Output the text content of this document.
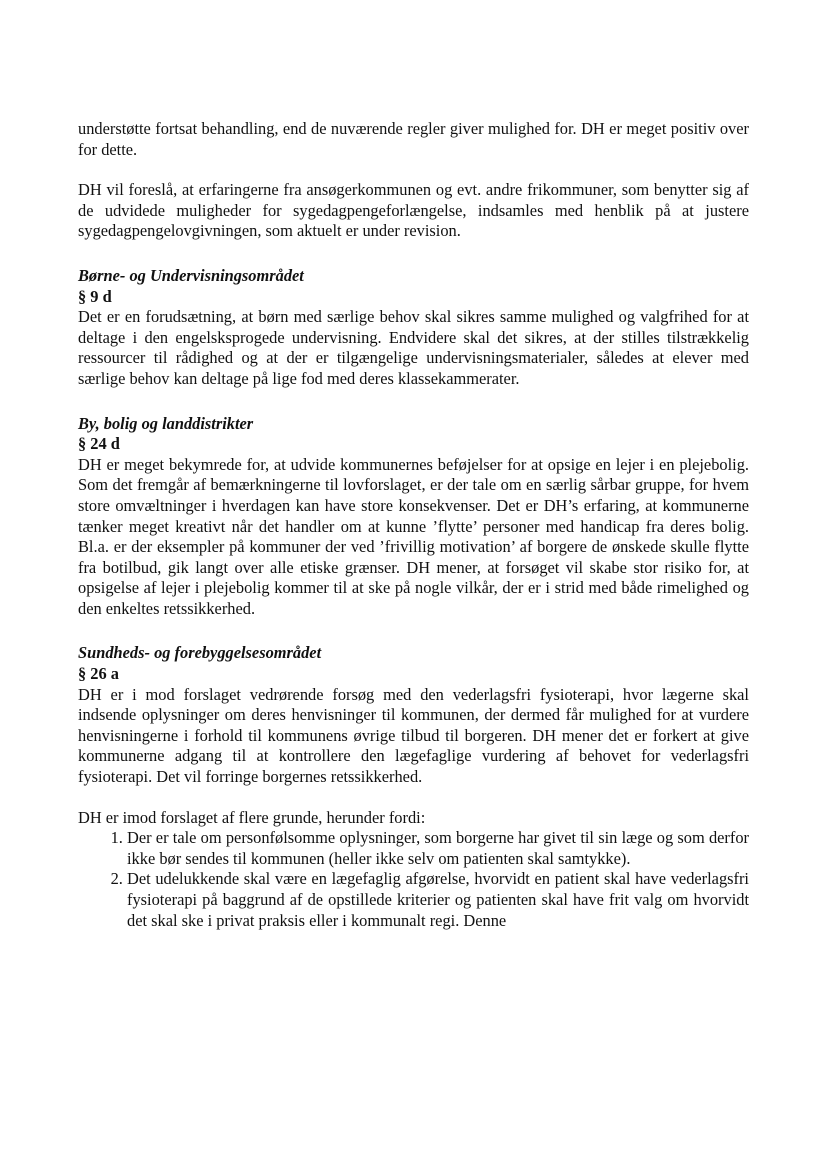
understøtte fortsat behandling, end de nuværende regler giver mulighed for. DH er meget positiv over for dette.

DH vil foreslå, at erfaringerne fra ansøgerkommunen og evt. andre frikommuner, som benytter sig af de udvidede muligheder for sygedagpengeforlængelse, indsamles med henblik på at justere sygedagpengelovgivningen, som aktuelt er under revision.

Børne- og Undervisningsområdet

§ 9 d

Det er en forudsætning, at børn med særlige behov skal sikres samme mulighed og valgfrihed for at deltage i den engelsksprogede undervisning. Endvidere skal det sikres, at der stilles tilstrækkelig ressourcer til rådighed og at der er tilgængelige undervisningsmaterialer, således at elever med særlige behov kan deltage på lige fod med deres klassekammerater.

By, bolig og landdistrikter

§ 24 d

DH er meget bekymrede for, at udvide kommunernes beføjelser for at opsige en lejer i en plejebolig. Som det fremgår af bemærkningerne til lovforslaget, er der tale om en særlig sårbar gruppe, for hvem store omvæltninger i hverdagen kan have store konsekvenser. Det er DH’s erfaring, at kommunerne tænker meget kreativt når det handler om at kunne ’flytte’ personer med handicap fra deres bolig. Bl.a. er der eksempler på kommuner der ved ’frivillig motivation’ af borgere de ønskede skulle flytte fra botilbud, gik langt over alle etiske grænser. DH mener, at forsøget vil skabe stor risiko for, at opsigelse af lejer i plejebolig kommer til at ske på nogle vilkår, der er i strid med både rimelighed og den enkeltes retssikkerhed.

Sundheds- og forebyggelsesområdet

§ 26 a

DH er i mod forslaget vedrørende forsøg med den vederlagsfri fysioterapi, hvor lægerne skal indsende oplysninger om deres henvisninger til kommunen, der dermed får mulighed for at vurdere henvisningerne i forhold til kommunens øvrige tilbud til borgeren. DH mener det er forkert at give kommunerne adgang til at kontrollere den lægefaglige vurdering af behovet for vederlagsfri fysioterapi. Det vil forringe borgernes retssikkerhed.

DH er imod forslaget af flere grunde, herunder fordi:

1. Der er tale om personfølsomme oplysninger, som borgerne har givet til sin læge og som derfor ikke bør sendes til kommunen (heller ikke selv om patienten skal samtykke).
2. Det udelukkende skal være en lægefaglig afgørelse, hvorvidt en patient skal have vederlagsfri fysioterapi på baggrund af de opstillede kriterier og patienten skal have frit valg om hvorvidt det skal ske i privat praksis eller i kommunalt regi. Denne
